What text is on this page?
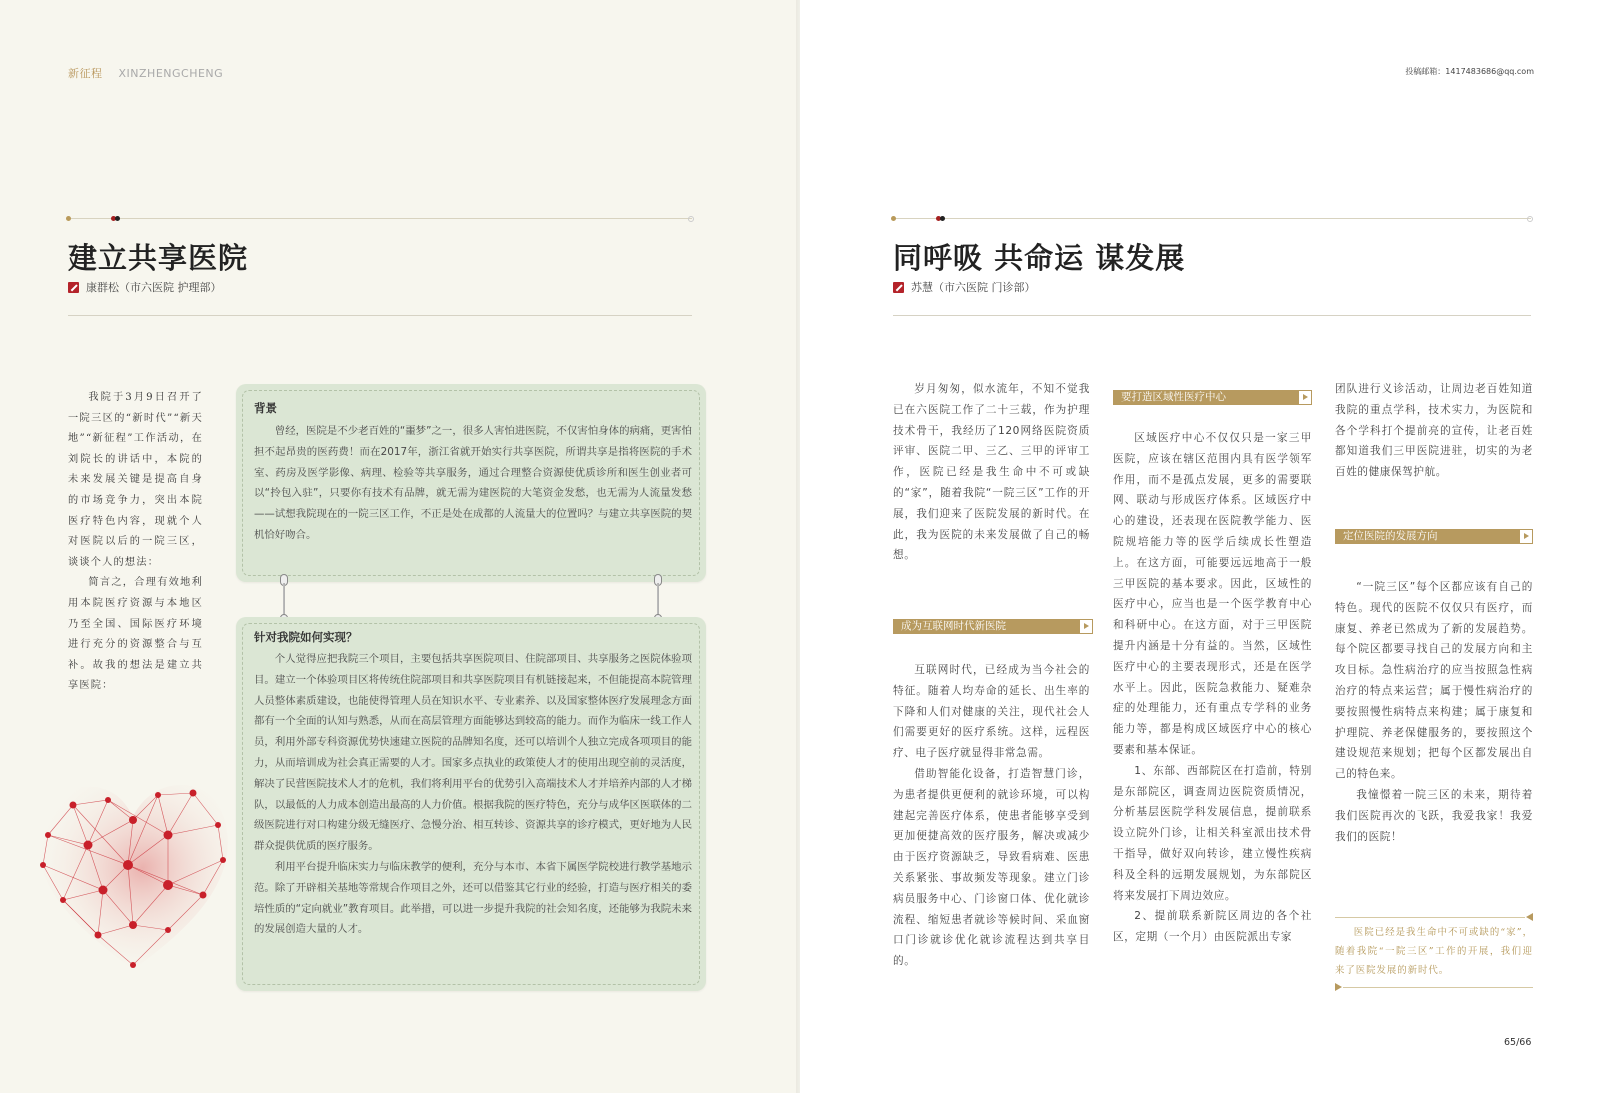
新征程 XINZHENGCHENG
建立共享医院
康群松（市六医院 护理部）

我院于3月9日召开了一院三区的“新时代”“新天地”“新征程”工作活动，在刘院长的讲话中，本院的未来发展关键是提高自身的市场竞争力，突出本院医疗特色内容，现就个人对医院以后的一院三区，谈谈个人的想法：

简言之，合理有效地利用本院医疗资源与本地区乃至全国、国际医疗环境进行充分的资源整合与互补。故我的想法是建立共享医院：

背景

曾经，医院是不少老百姓的“噩梦”之一，很多人害怕进医院，不仅害怕身体的病痛，更害怕担不起昂贵的医药费！而在2017年，浙江省就开始实行共享医院，所谓共享是指将医院的手术室、药房及医学影像、病理、检验等共享服务，通过合理整合资源使优质诊所和医生创业者可以“拎包入驻”，只要你有技术有品牌，就无需为建医院的大笔资金发愁，也无需为人流量发愁——试想我院现在的一院三区工作，不正是处在成都的人流量大的位置吗？与建立共享医院的契机恰好吻合。

针对我院如何实现？

个人觉得应把我院三个项目，主要包括共享医院项目、住院部项目、共享服务之医院体验项目。建立一个体验项目区将传统住院部项目和共享医院项目有机链接起来，不但能提高本院管理人员整体素质建设，也能使得管理人员在知识水平、专业素养、以及国家整体医疗发展理念方面都有一个全面的认知与熟悉，从而在高层管理方面能够达到较高的能力。而作为临床一线工作人员，利用外部专科资源优势快速建立医院的品牌知名度，还可以培训个人独立完成各项项目的能力，从而培训成为社会真正需要的人才。国家多点执业的政策使人才的使用出现空前的灵活度，解决了民营医院技术人才的危机，我们将利用平台的优势引入高端技术人才并培养内部的人才梯队，以最低的人力成本创造出最高的人力价值。根据我院的医疗特色，充分与成华区医联体的二级医院进行对口构建分级无缝医疗、急慢分治、相互转诊、资源共享的诊疗模式，更好地为人民群众提供优质的医疗服务。

利用平台提升临床实力与临床教学的便利，充分与本市、本省下属医学院校进行教学基地示范。除了开辟相关基地等常规合作项目之外，还可以借鉴其它行业的经验，打造与医疗相关的委培性质的“定向就业”教育项目。此举措，可以进一步提升我院的社会知名度，还能够为我院未来的发展创造大量的人才。

投稿邮箱：1417483686@qq.com
同呼吸 共命运 谋发展
苏慧（市六医院 门诊部）

岁月匆匆，似水流年，不知不觉我已在六医院工作了二十三载，作为护理技术骨干，我经历了120网络医院资质评审、医院二甲、三乙、三甲的评审工作，医院已经是我生命中不可或缺的“家”，随着我院“一院三区”工作的开展，我们迎来了医院发展的新时代。在此，我为医院的未来发展做了自己的畅想。

成为互联网时代新医院

互联网时代，已经成为当今社会的特征。随着人均寿命的延长、出生率的下降和人们对健康的关注，现代社会人们需要更好的医疗系统。这样，远程医疗、电子医疗就显得非常急需。

借助智能化设备，打造智慧门诊，为患者提供更便利的就诊环境，可以构建起完善医疗体系，使患者能够享受到更加便捷高效的医疗服务，解决或减少由于医疗资源缺乏，导致看病难、医患关系紧张、事故频发等现象。建立门诊病员服务中心、门诊窗口体、优化就诊流程、缩短患者就诊等候时间、采血窗口门诊就诊优化就诊流程达到共享目的。

要打造区域性医疗中心

区域医疗中心不仅仅只是一家三甲医院，应该在辖区范围内具有医学领军作用，而不是孤点发展，更多的需要联网、联动与形成医疗体系。区域医疗中心的建设，还表现在医院教学能力、医院规培能力等的医学后续成长性塑造上。在这方面，可能要远远地高于一般三甲医院的基本要求。因此，区域性的医疗中心，应当也是一个医学教育中心和科研中心。在这方面，对于三甲医院提升内涵是十分有益的。当然，区域性医疗中心的主要表现形式，还是在医学水平上。因此，医院急救能力、疑难杂症的处理能力，还有重点专学科的业务能力等，都是构成区域医疗中心的核心要素和基本保证。

1、东部、西部院区在打造前，特别是东部院区，调查周边医院资质情况，分析基层医院学科发展信息，提前联系设立院外门诊，让相关科室派出技术骨干指导，做好双向转诊，建立慢性疾病科及全科的远期发展规划，为东部院区将来发展打下周边效应。

2、提前联系新院区周边的各个社区，定期（一个月）由医院派出专家

团队进行义诊活动，让周边老百姓知道我院的重点学科，技术实力，为医院和各个学科打个提前亮的宣传，让老百姓都知道我们三甲医院进驻，切实的为老百姓的健康保驾护航。

定位医院的发展方向

“一院三区”每个区都应该有自己的特色。现代的医院不仅仅只有医疗，而康复、养老已然成为了新的发展趋势。每个院区都要寻找自己的发展方向和主攻目标。急性病治疗的应当按照急性病治疗的特点来运营；属于慢性病治疗的要按照慢性病特点来构建；属于康复和护理院、养老保健服务的，要按照这个建设规范来规划；把每个区都发展出自己的特色来。

我憧憬着一院三区的未来，期待着我们医院再次的飞跃，我爱我家！我爱我们的医院！

医院已经是我生命中不可或缺的“家”，随着我院“一院三区”工作的开展，我们迎来了医院发展的新时代。

65/66
